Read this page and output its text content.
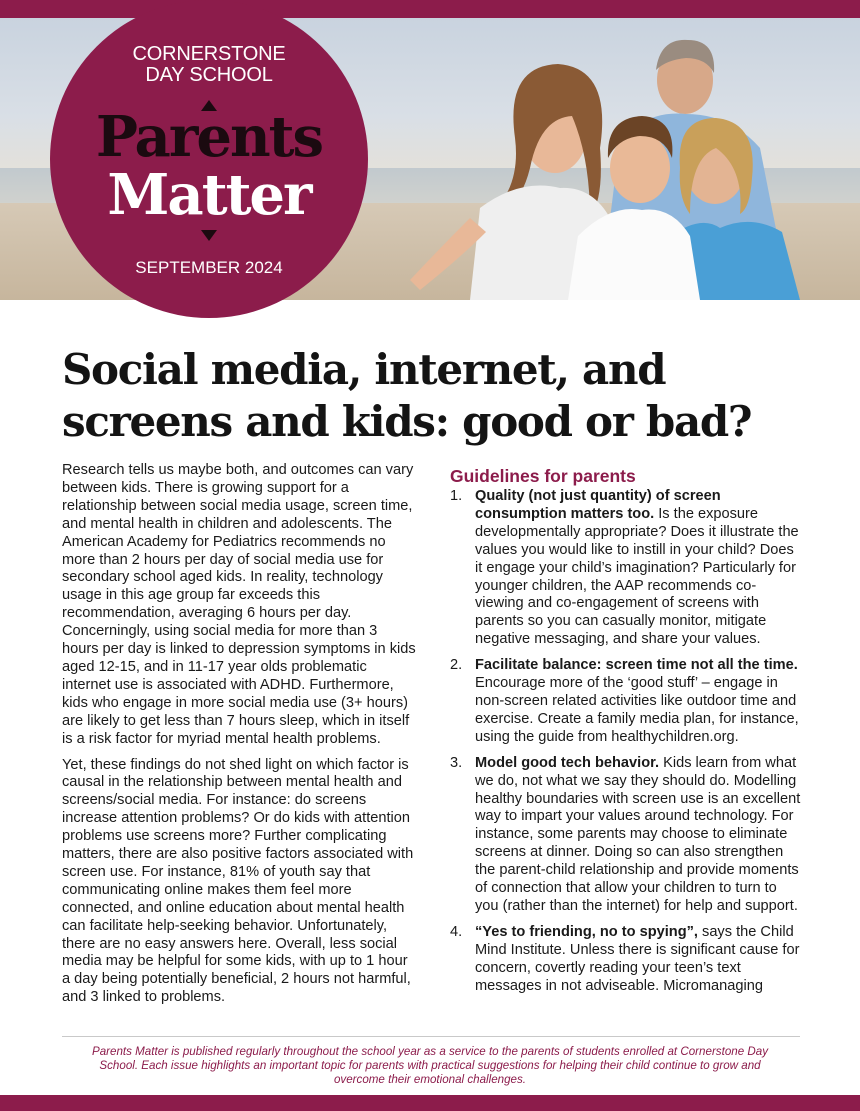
CORNERSTONE
DAY SCHOOL
Parents
Matter
SEPTEMBER 2024
Social media, internet, and screens and kids: good or bad?

Research tells us maybe both, and outcomes can vary between kids. There is growing support for a relationship between social media usage, screen time, and mental health in children and adolescents. The American Academy for Pediatrics recommends no more than 2 hours per day of social media use for secondary school aged kids. In reality, technology usage in this age group far exceeds this recommendation, averaging 6 hours per day. Concerningly, using social media for more than 3 hours per day is linked to depression symptoms in kids aged 12-15, and in 11-17 year olds problematic internet use is associated with ADHD. Furthermore, kids who engage in more social media use (3+ hours) are likely to get less than 7 hours sleep, which in itself is a risk factor for myriad mental health problems.

Yet, these findings do not shed light on which factor is causal in the relationship between mental health and screens/social media. For instance: do screens increase attention problems? Or do kids with attention problems use screens more? Further complicating matters, there are also positive factors associated with screen use. For instance, 81% of youth say that communicating online makes them feel more connected, and online education about mental health can facilitate help-seeking behavior. Unfortunately, there are no easy answers here. Overall, less social media may be helpful for some kids, with up to 1 hour a day being potentially beneficial, 2 hours not harmful, and 3 linked to problems.

Guidelines for parents
1. Quality (not just quantity) of screen consumption matters too. Is the exposure developmentally appropriate? Does it illustrate the values you would like to instill in your child? Does it engage your child’s imagination? Particularly for younger children, the AAP recommends co-viewing and co-engagement of screens with parents so you can casually monitor, mitigate negative messaging, and share your values.
2. Facilitate balance: screen time not all the time. Encourage more of the ‘good stuff’ – engage in non-screen related activities like outdoor time and exercise. Create a family media plan, for instance, using the guide from healthychildren.org.
3. Model good tech behavior. Kids learn from what we do, not what we say they should do. Modelling healthy boundaries with screen use is an excellent way to impart your values around technology. For instance, some parents may choose to eliminate screens at dinner. Doing so can also strengthen the parent-child relationship and provide moments of connection that allow your children to turn to you (rather than the internet) for help and support.
4. “Yes to friending, no to spying”, says the Child Mind Institute. Unless there is significant cause for concern, covertly reading your teen’s text messages in not adviseable. Micromanaging
Parents Matter is published regularly throughout the school year as a service to the parents of students enrolled at Cornerstone Day School. Each issue highlights an important topic for parents with practical suggestions for helping their child continue to grow and overcome their emotional challenges.
